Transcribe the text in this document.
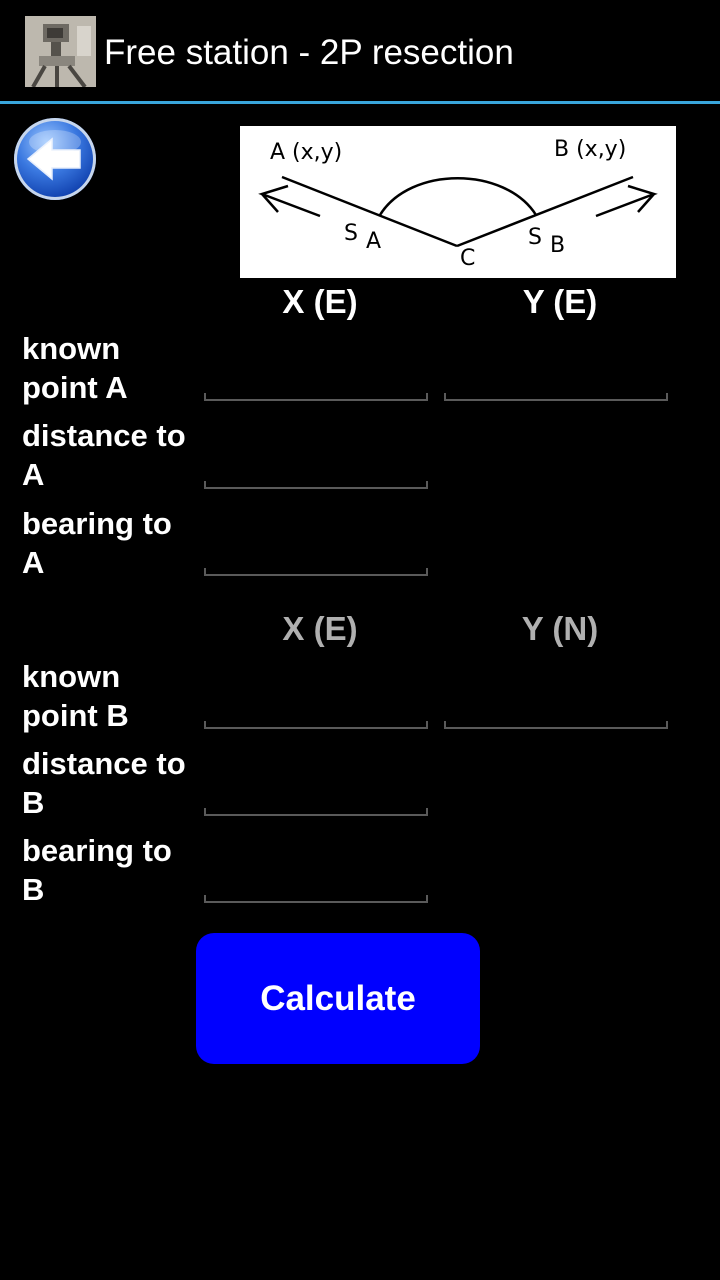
Free station - 2P resection
A (x,y)	B (x,y)
S A	S B
C
X (E)	Y (E)
known point A
distance to A
bearing to A
X (E)	Y (N)
known point B
distance to B
bearing to B
Calculate
